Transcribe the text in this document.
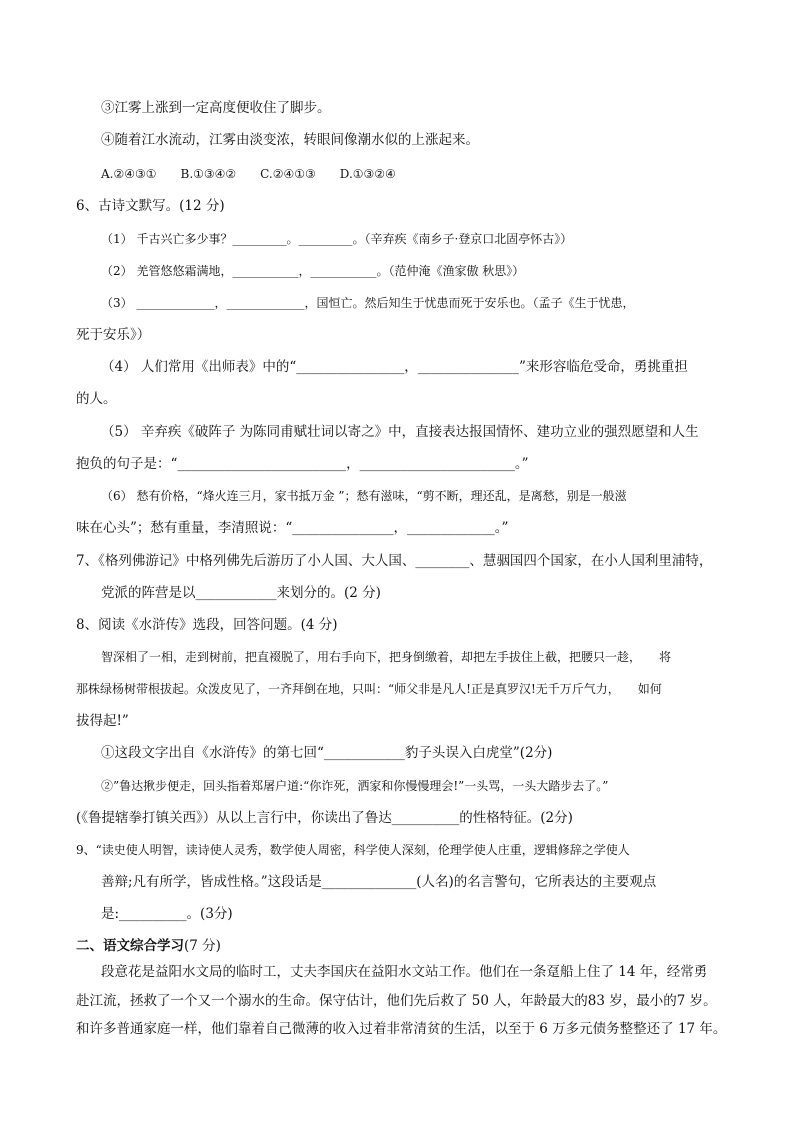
③江雾上涨到一定高度便收住了脚步。
④随着江水流动，江雾由淡变浓，转眼间像潮水似的上涨起来。
A.②④③①　　B.①③④②　　C.②④①③　　D.①③②④
6、古诗文默写。(12 分)
（1） 千古兴亡多少事？_________。_________。（辛弃疾《南乡子·登京口北固亭怀古》）
（2） 羌管悠悠霜满地，___________，___________。（范仲淹《渔家傲 秋思》）
（3） _____________，_____________，国恒亡。然后知生于忧患而死于安乐也。（孟子《生于忧患，
死于安乐》）
（4） 人们常用《出师表》中的“________________，_______________”来形容临危受命，勇挑重担
的人。
（5） 辛弃疾《破阵子 为陈同甫赋壮词以寄之》中，直接表达报国情怀、建功立业的强烈愿望和人生
抱负的句子是：“_________________________，_______________________。”
（6） 愁有价格，“烽火连三月，家书抵万金 ”；愁有滋味，“剪不断，理还乱，是离愁，别是一般滋
味在心头”；愁有重量，李清照说：“_______________，_____________。”
7、《格列佛游记》中格列佛先后游历了小人国、大人国、________、慧骃国四个国家，在小人国利里浦特，
党派的阵营是以____________来划分的。(2 分)
8、阅读《水浒传》选段，回答问题。(4 分)
智深相了一相，走到树前，把直裰脱了，用右手向下，把身倒缴着，却把左手拔住上截，把腰只一趁，　　将
那株绿杨树带根拔起。众泼皮见了，一齐拜倒在地，只叫：“师父非是凡人!正是真罗汉!无千万斤气力，　　如何
拔得起!”
①这段文字出自《水浒传》的第七回“____________豹子头误入白虎堂”(2分)
②”鲁达揪步便走，回头指着郑屠户道:“你诈死，洒家和你慢慢理会!”一头骂，一头大踏步去了。”
(《鲁提辖拳打镇关西》）从以上言行中，你读出了鲁达__________的性格特征。(2分)
9、“读史使人明智，读诗使人灵秀，数学使人周密，科学使人深刻，伦理学使人庄重，逻辑修辞之学使人
善辩;凡有所学，皆成性格。”这段话是______________(人名)的名言警句，它所表达的主要观点
是:__________。(3分)
二、语文综合学习(7 分)
段意花是益阳水文局的临时工，丈夫李国庆在益阳水文站工作。他们在一条趸船上住了 14 年，经常勇
赴江流，拯救了一个又一个溺水的生命。保守估计，他们先后救了 50 人，年龄最大的83 岁，最小的7 岁。
和许多普通家庭一样，他们靠着自己微薄的收入过着非常清贫的生活，以至于 6 万多元债务整整还了 17 年。
